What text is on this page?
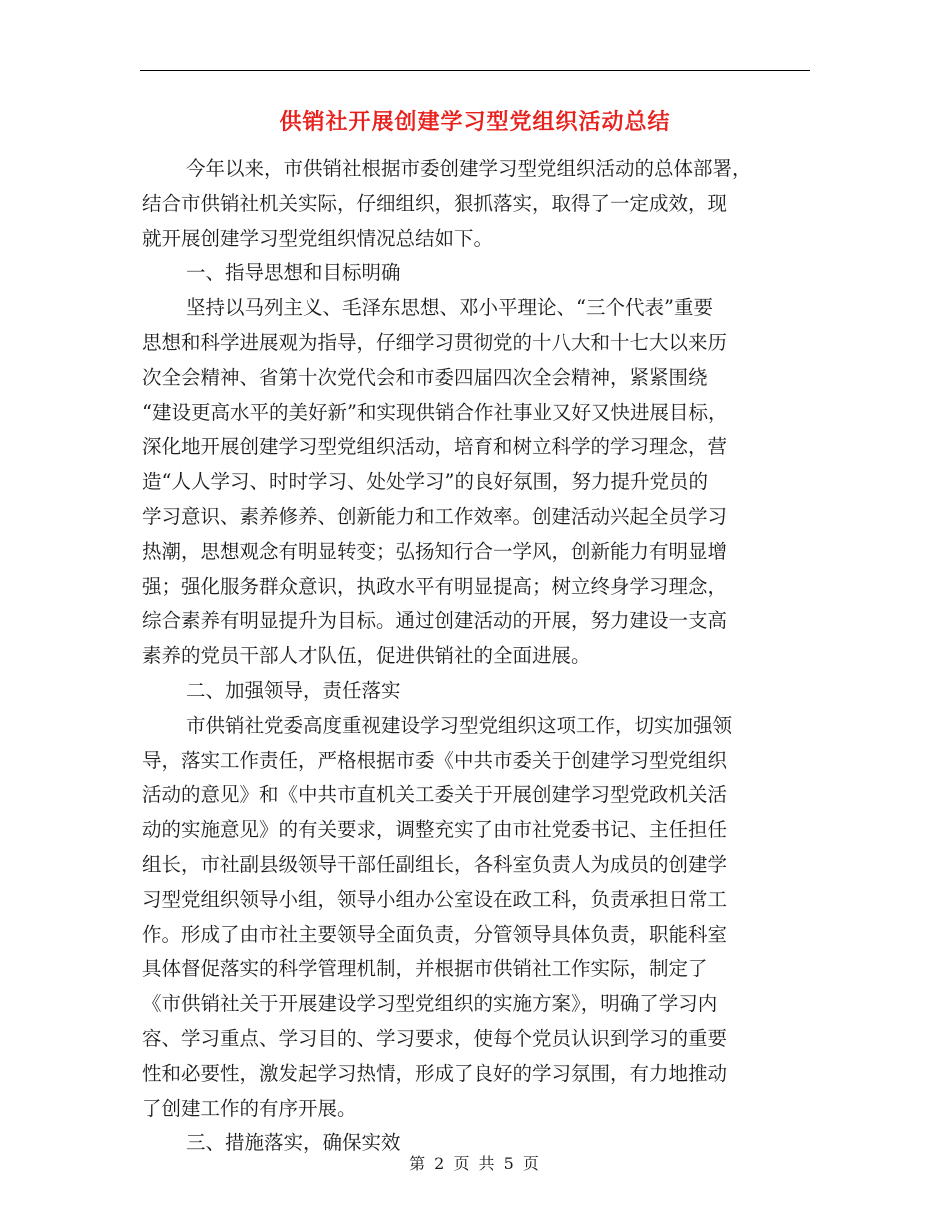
供销社开展创建学习型党组织活动总结
今年以来，市供销社根据市委创建学习型党组织活动的总体部署，
结合市供销社机关实际，仔细组织，狠抓落实，取得了一定成效，现
就开展创建学习型党组织情况总结如下。
一、指导思想和目标明确
坚持以马列主义、毛泽东思想、邓小平理论、“三个代表”重要
思想和科学进展观为指导，仔细学习贯彻党的十八大和十七大以来历
次全会精神、省第十次党代会和市委四届四次全会精神，紧紧围绕
“建设更高水平的美好新”和实现供销合作社事业又好又快进展目标，
深化地开展创建学习型党组织活动，培育和树立科学的学习理念，营
造“人人学习、时时学习、处处学习”的良好氛围，努力提升党员的
学习意识、素养修养、创新能力和工作效率。创建活动兴起全员学习
热潮，思想观念有明显转变；弘扬知行合一学风，创新能力有明显增
强；强化服务群众意识，执政水平有明显提高；树立终身学习理念，
综合素养有明显提升为目标。通过创建活动的开展，努力建设一支高
素养的党员干部人才队伍，促进供销社的全面进展。
二、加强领导，责任落实
市供销社党委高度重视建设学习型党组织这项工作，切实加强领
导，落实工作责任，严格根据市委《中共市委关于创建学习型党组织
活动的意见》和《中共市直机关工委关于开展创建学习型党政机关活
动的实施意见》的有关要求，调整充实了由市社党委书记、主任担任
组长，市社副县级领导干部任副组长，各科室负责人为成员的创建学
习型党组织领导小组，领导小组办公室设在政工科，负责承担日常工
作。形成了由市社主要领导全面负责，分管领导具体负责，职能科室
具体督促落实的科学管理机制，并根据市供销社工作实际，制定了
《市供销社关于开展建设学习型党组织的实施方案》，明确了学习内
容、学习重点、学习目的、学习要求，使每个党员认识到学习的重要
性和必要性，激发起学习热情，形成了良好的学习氛围，有力地推动
了创建工作的有序开展。
三、措施落实，确保实效
第 2 页 共 5 页
